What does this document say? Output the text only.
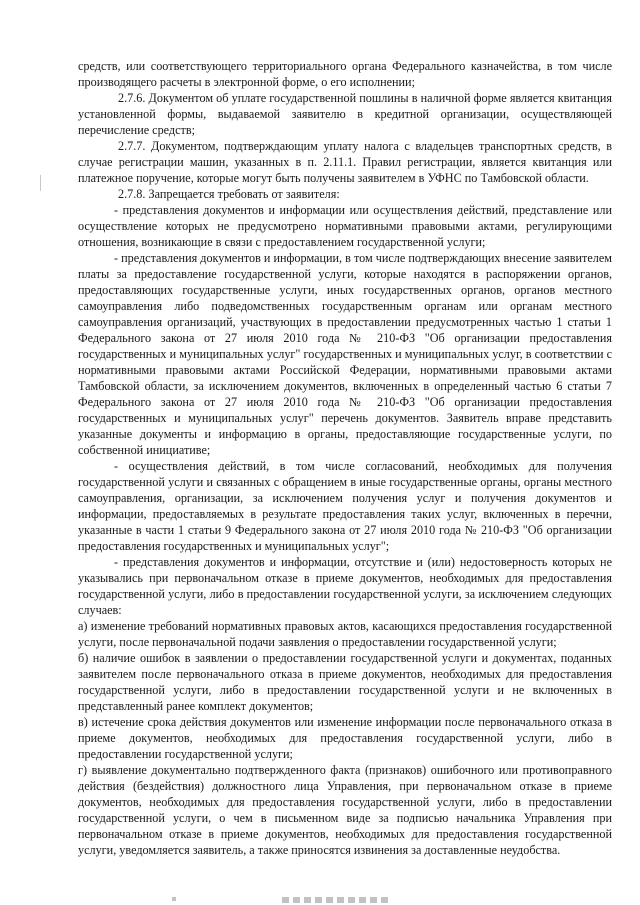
средств, или соответствующего территориального органа Федерального казначейства, в том числе производящего расчеты в электронной форме, о его исполнении;

2.7.6. Документом об уплате государственной пошлины в наличной форме является квитанция установленной формы, выдаваемой заявителю в кредитной организации, осуществляющей перечисление средств;

2.7.7. Документом, подтверждающим уплату налога с владельцев транспортных средств, в случае регистрации машин, указанных в п. 2.11.1. Правил регистрации, является квитанция или платежное поручение, которые могут быть получены заявителем в УФНС по Тамбовской области.

2.7.8. Запрещается требовать от заявителя:

- представления документов и информации или осуществления действий, представление или осуществление которых не предусмотрено нормативными правовыми актами, регулирующими отношения, возникающие в связи с предоставлением государственной услуги;

- представления документов и информации, в том числе подтверждающих внесение заявителем платы за предоставление государственной услуги, которые находятся в распоряжении органов, предоставляющих государственные услуги, иных государственных органов, органов местного самоуправления либо подведомственных государственным органам или органам местного самоуправления организаций, участвующих в предоставлении предусмотренных частью 1 статьи 1 Федерального закона от 27 июля 2010 года № 210-ФЗ "Об организации предоставления государственных и муниципальных услуг" государственных и муниципальных услуг, в соответствии с нормативными правовыми актами Российской Федерации, нормативными правовыми актами Тамбовской области, за исключением документов, включенных в определенный частью 6 статьи 7 Федерального закона от 27 июля 2010 года № 210-ФЗ "Об организации предоставления государственных и муниципальных услуг" перечень документов. Заявитель вправе представить указанные документы и информацию в органы, предоставляющие государственные услуги, по собственной инициативе;

- осуществления действий, в том числе согласований, необходимых для получения государственной услуги и связанных с обращением в иные государственные органы, органы местного самоуправления, организации, за исключением получения услуг и получения документов и информации, предоставляемых в результате предоставления таких услуг, включенных в перечни, указанные в части 1 статьи 9 Федерального закона от 27 июля 2010 года № 210-ФЗ "Об организации предоставления государственных и муниципальных услуг";

- представления документов и информации, отсутствие и (или) недостоверность которых не указывались при первоначальном отказе в приеме документов, необходимых для предоставления государственной услуги, либо в предоставлении государственной услуги, за исключением следующих случаев:

а) изменение требований нормативных правовых актов, касающихся предоставления государственной услуги, после первоначальной подачи заявления о предоставлении государственной услуги;

б) наличие ошибок в заявлении о предоставлении государственной услуги и документах, поданных заявителем после первоначального отказа в приеме документов, необходимых для предоставления государственной услуги, либо в предоставлении государственной услуги и не включенных в представленный ранее комплект документов;

в) истечение срока действия документов или изменение информации после первоначального отказа в приеме документов, необходимых для предоставления государственной услуги, либо в предоставлении государственной услуги;

г) выявление документально подтвержденного факта (признаков) ошибочного или противоправного действия (бездействия) должностного лица Управления, при первоначальном отказе в приеме документов, необходимых для предоставления государственной услуги, либо в предоставлении государственной услуги, о чем в письменном виде за подписью начальника Управления при первоначальном отказе в приеме документов, необходимых для предоставления государственной услуги, уведомляется заявитель, а также приносятся извинения за доставленные неудобства.
